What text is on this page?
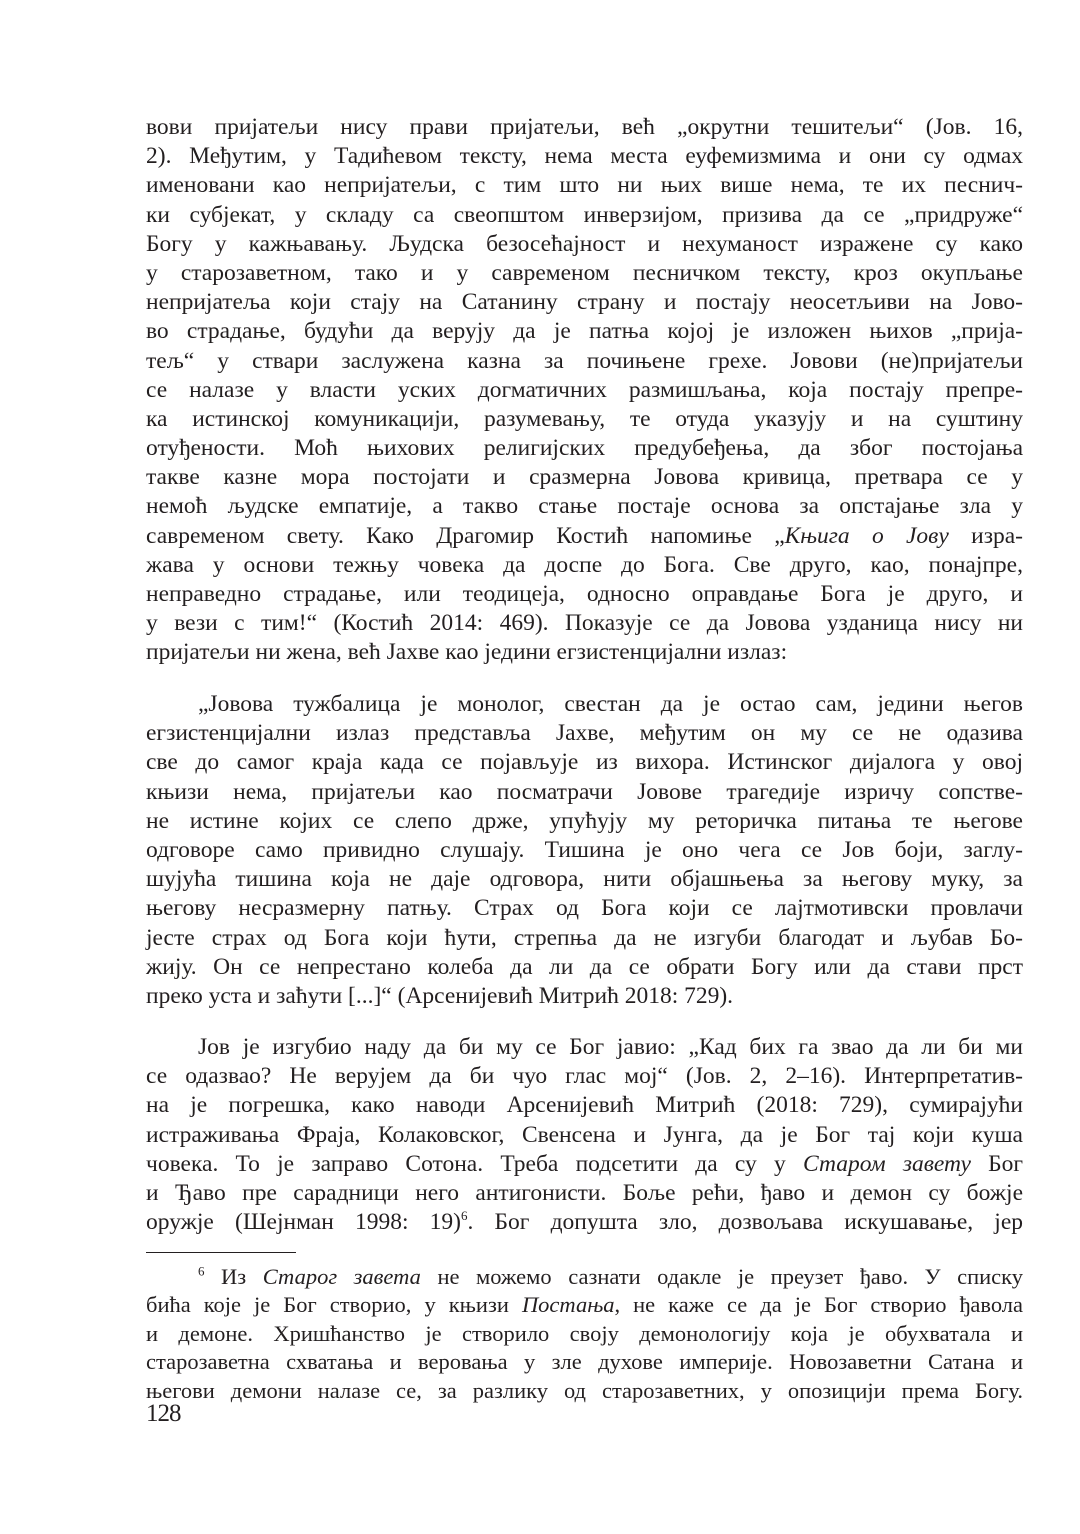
вови пријатељи нису прави пријатељи, већ „окрутни тешитељи“ (Јов. 16,
2). Међутим, у Тадићевом тексту, нема места еуфемизмима и они су одмах
именовани као непријатељи, с тим што ни њих више нема, те их песнич-
ки субјекат, у складу са свеопштом инверзијом, призива да се „придруже“
Богу у кажњавању. Људска безосећајност и нехуманост изражене су како
у старозаветном, тако и у савременом песничком тексту, кроз окупљање
непријатеља који стају на Сатанину страну и постају неосетљиви на Јово-
во страдање, будући да верују да је патња којој је изложен њихов „прија-
тељ“ у ствари заслужена казна за почињене грехе. Јовови (не)пријатељи
се налазе у власти уских догматичних размишљања, која постају препре-
ка истинској комуникацији, разумевању, те отуда указују и на суштину
отуђености. Моћ њихових религијских предубеђења, да због постојања
такве казне мора постојати и сразмерна Јовова кривица, претвара се у
немоћ људске емпатије, а такво стање постаје основа за опстајање зла у
савременом свету. Како Драгомир Костић напомиње „Књига о Јову изра-
жава у основи тежњу човека да доспе до Бога. Све друго, као, понајпре,
неправедно страдање, или теодицеја, односно оправдање Бога је друго, и
у вези с тим!“ (Костић 2014: 469). Показује се да Јовова узданица нису ни
пријатељи ни жена, већ Јахве као једини егзистенцијални излаз:
„Јовова тужбалица је монолог, свестан да је остао сам, једини његов
егзистенцијални излаз представља Јахве, међутим он му се не одазива
све до самог краја када се појављује из вихора. Истинског дијалога у овој
књизи нема, пријатељи као посматрачи Јовове трагедије изричу сопстве-
не истине којих се слепо држе, упућују му реторичка питања те његове
одговоре само привидно слушају. Тишина је оно чега се Јов боји, заглу-
шујућа тишина која не даје одговора, нити објашњења за његову муку, за
његову несразмерну патњу. Страх од Бога који се лајтмотивски провлачи
јесте страх од Бога који ћути, стрепња да не изгуби благодат и љубав Бо-
жију. Он се непрестано колеба да ли да се обрати Богу или да стави прст
преко уста и заћути [...]“ (Арсенијевић Митрић 2018: 729).
Јов је изгубио наду да би му се Бог јавио: „Кад бих га звао да ли би ми
се одазвао? Не верујем да би чуо глас мој“ (Јов. 2, 2–16). Интерпретатив-
на је погрешка, како наводи Арсенијевић Митрић (2018: 729), сумирајући
истраживања Фраја, Колаковског, Свенсена и Јунга, да је Бог тај који куша
човека. То је заправо Сотона. Треба подсетити да су у Старом завету Бог
и Ђаво пре сарадници него антигонисти. Боље рећи, ђаво и демон су божје
оружје (Шејнман 1998: 19)$^6$. Бог допушта зло, дозвољава искушавање, јер
$^6$ Из Старог завета не можемо сазнати одакле је преузет ђаво. У списку
бића које је Бог створио, у књизи Постања, не каже се да је Бог створио ђавола
и демоне. Хришћанство је створило своју демонологију која је обухватала и
старозаветна схватања и веровања у зле духове империје. Новозаветни Сатана и
његови демони налазе се, за разлику од старозаветних, у опозицији према Богу.
128
